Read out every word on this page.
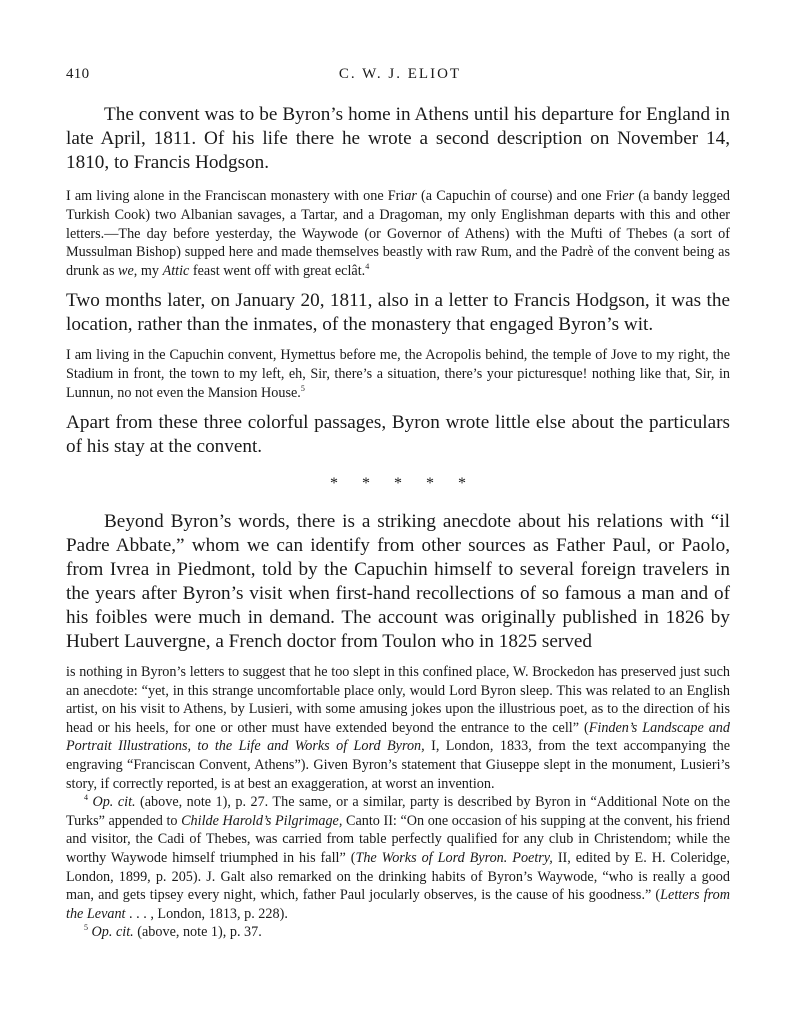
410	C. W. J. ELIOT

The convent was to be Byron’s home in Athens until his departure for England in late April, 1811. Of his life there he wrote a second description on November 14, 1810, to Francis Hodgson.

I am living alone in the Franciscan monastery with one Friar (a Capuchin of course) and one Frier (a bandy legged Turkish Cook) two Albanian savages, a Tartar, and a Dragoman, my only Englishman departs with this and other letters.—The day before yesterday, the Waywode (or Governor of Athens) with the Mufti of Thebes (a sort of Mussulman Bishop) supped here and made themselves beastly with raw Rum, and the Padrè of the convent being as drunk as we, my Attic feast went off with great eclât.$^4$

Two months later, on January 20, 1811, also in a letter to Francis Hodgson, it was the location, rather than the inmates, of the monastery that engaged Byron’s wit.

I am living in the Capuchin convent, Hymettus before me, the Acropolis behind, the temple of Jove to my right, the Stadium in front, the town to my left, eh, Sir, there’s a situation, there’s your picturesque! nothing like that, Sir, in Lunnun, no not even the Mansion House.$^5$

Apart from these three colorful passages, Byron wrote little else about the particulars of his stay at the convent.

* * * * *

Beyond Byron’s words, there is a striking anecdote about his relations with “il Padre Abbate,” whom we can identify from other sources as Father Paul, or Paolo, from Ivrea in Piedmont, told by the Capuchin himself to several foreign travelers in the years after Byron’s visit when first-hand recollections of so famous a man and of his foibles were much in demand. The account was originally published in 1826 by Hubert Lauvergne, a French doctor from Toulon who in 1825 served

is nothing in Byron’s letters to suggest that he too slept in this confined place, W. Brockedon has preserved just such an anecdote: “yet, in this strange uncomfortable place only, would Lord Byron sleep. This was related to an English artist, on his visit to Athens, by Lusieri, with some amusing jokes upon the illustrious poet, as to the direction of his head or his heels, for one or other must have extended beyond the entrance to the cell” (Finden’s Landscape and Portrait Illustrations, to the Life and Works of Lord Byron, I, London, 1833, from the text accompanying the engraving “Franciscan Convent, Athens”). Given Byron’s statement that Giuseppe slept in the monument, Lusieri’s story, if correctly reported, is at best an exaggeration, at worst an invention.

$^4$ Op. cit. (above, note 1), p. 27. The same, or a similar, party is described by Byron in “Additional Note on the Turks” appended to Childe Harold’s Pilgrimage, Canto II: “On one occasion of his supping at the convent, his friend and visitor, the Cadi of Thebes, was carried from table perfectly qualified for any club in Christendom; while the worthy Waywode himself triumphed in his fall” (The Works of Lord Byron. Poetry, II, edited by E. H. Coleridge, London, 1899, p. 205). J. Galt also remarked on the drinking habits of Byron’s Waywode, “who is really a good man, and gets tipsey every night, which, father Paul jocularly observes, is the cause of his goodness.” (Letters from the Levant . . . , London, 1813, p. 228).

$^5$ Op. cit. (above, note 1), p. 37.
